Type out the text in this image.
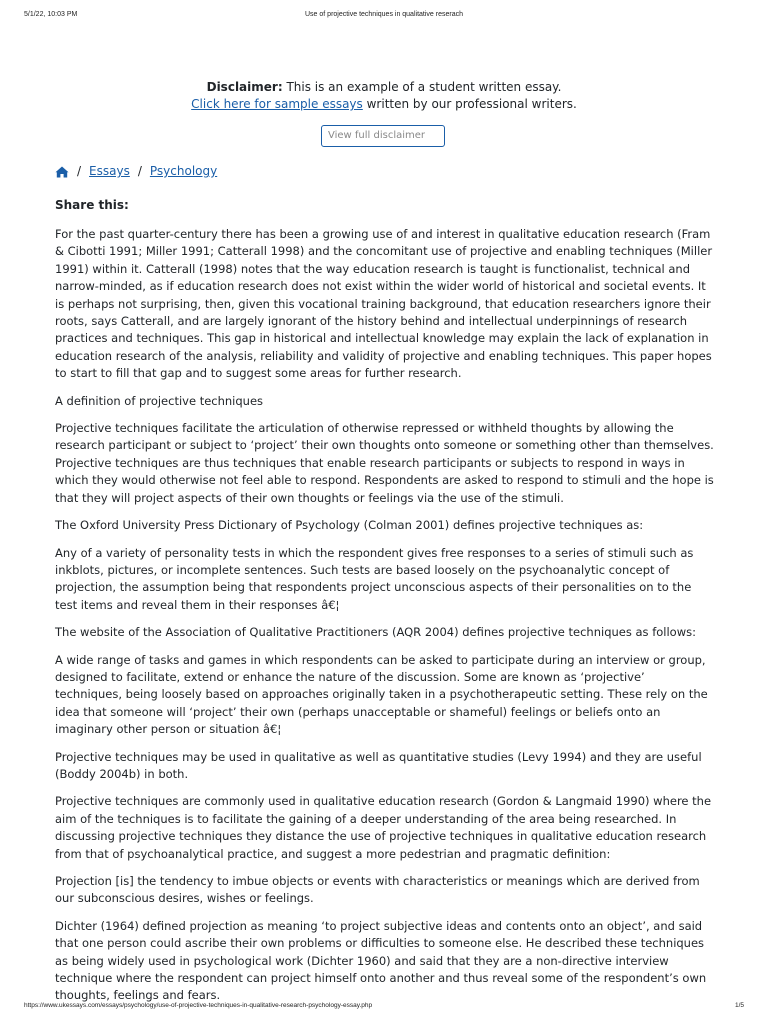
5/1/22, 10:03 PM	Use of projective techniques in qualitative reserach
Disclaimer: This is an example of a student written essay.
Click here for sample essays written by our professional writers.
View full disclaimer
/ Essays / Psychology
Share this:

For the past quarter-century there has been a growing use of and interest in qualitative education research (Fram & Cibotti 1991; Miller 1991; Catterall 1998) and the concomitant use of projective and enabling techniques (Miller 1991) within it. Catterall (1998) notes that the way education research is taught is functionalist, technical and narrow-minded, as if education research does not exist within the wider world of historical and societal events. It is perhaps not surprising, then, given this vocational training background, that education researchers ignore their roots, says Catterall, and are largely ignorant of the history behind and intellectual underpinnings of research practices and techniques. This gap in historical and intellectual knowledge may explain the lack of explanation in education research of the analysis, reliability and validity of projective and enabling techniques. This paper hopes to start to fill that gap and to suggest some areas for further research.

A definition of projective techniques

Projective techniques facilitate the articulation of otherwise repressed or withheld thoughts by allowing the research participant or subject to ‘project’ their own thoughts onto someone or something other than themselves. Projective techniques are thus techniques that enable research participants or subjects to respond in ways in which they would otherwise not feel able to respond. Respondents are asked to respond to stimuli and the hope is that they will project aspects of their own thoughts or feelings via the use of the stimuli.

The Oxford University Press Dictionary of Psychology (Colman 2001) defines projective techniques as:

Any of a variety of personality tests in which the respondent gives free responses to a series of stimuli such as inkblots, pictures, or incomplete sentences. Such tests are based loosely on the psychoanalytic concept of projection, the assumption being that respondents project unconscious aspects of their personalities on to the test items and reveal them in their responses â€¦

The website of the Association of Qualitative Practitioners (AQR 2004) defines projective techniques as follows:

A wide range of tasks and games in which respondents can be asked to participate during an interview or group, designed to facilitate, extend or enhance the nature of the discussion. Some are known as ‘projective’ techniques, being loosely based on approaches originally taken in a psychotherapeutic setting. These rely on the idea that someone will ‘project’ their own (perhaps unacceptable or shameful) feelings or beliefs onto an imaginary other person or situation â€¦

Projective techniques may be used in qualitative as well as quantitative studies (Levy 1994) and they are useful (Boddy 2004b) in both.

Projective techniques are commonly used in qualitative education research (Gordon & Langmaid 1990) where the aim of the techniques is to facilitate the gaining of a deeper understanding of the area being researched. In discussing projective techniques they distance the use of projective techniques in qualitative education research from that of psychoanalytical practice, and suggest a more pedestrian and pragmatic definition:

Projection [is] the tendency to imbue objects or events with characteristics or meanings which are derived from our subconscious desires, wishes or feelings.

Dichter (1964) defined projection as meaning ‘to project subjective ideas and contents onto an object’, and said that one person could ascribe their own problems or difficulties to someone else. He described these techniques as being widely used in psychological work (Dichter 1960) and said that they are a non-directive interview technique where the respondent can project himself onto another and thus reveal some of the respondent’s own thoughts, feelings and fears.

https://www.ukessays.com/essays/psychology/use-of-projective-techniques-in-qualitative-research-psychology-essay.php	1/5
